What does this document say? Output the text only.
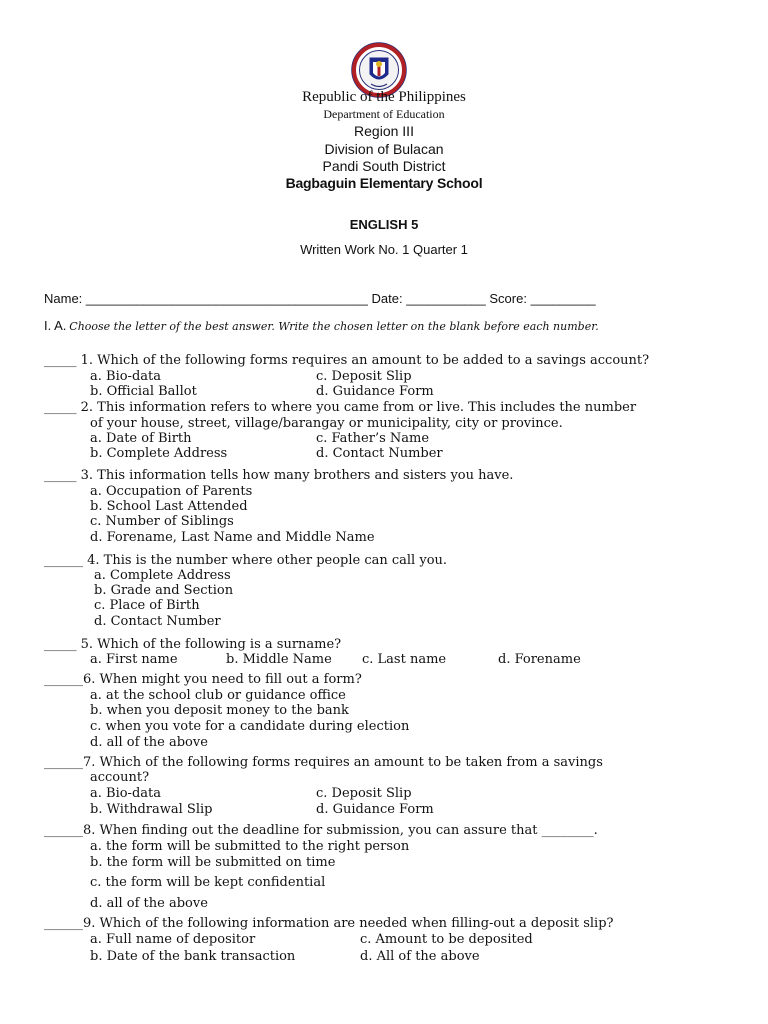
Republic of the Philippines
Department of Education
Region III
Division of Bulacan
Pandi South District
Bagbaguin Elementary School
ENGLISH 5
Written Work No. 1 Quarter 1
Name: _______________________________________ Date: ___________ Score: _________
I. A. Choose the letter of the best answer. Write the chosen letter on the blank before each number.
_____ 1. Which of the following forms requires an amount to be added to a savings account?
a. Bio-data	c. Deposit Slip
b. Official Ballot	d. Guidance Form
_____ 2. This information refers to where you came from or live. This includes the number
of your house, street, village/barangay or municipality, city or province.
a. Date of Birth	c. Father’s Name
b. Complete Address	d. Contact Number
_____ 3. This information tells how many brothers and sisters you have.
a. Occupation of Parents
b. School Last Attended
c. Number of Siblings
d. Forename, Last Name and Middle Name
______ 4. This is the number where other people can call you.
a. Complete Address
b. Grade and Section
c. Place of Birth
d. Contact Number
_____ 5. Which of the following is a surname?
a. First name	b. Middle Name c. Last name	d. Forename
______6. When might you need to fill out a form?
a. at the school club or guidance office
b. when you deposit money to the bank
c. when you vote for a candidate during election
d. all of the above
______7. Which of the following forms requires an amount to be taken from a savings
account?
a. Bio-data	c. Deposit Slip
b. Withdrawal Slip	d. Guidance Form
______8. When finding out the deadline for submission, you can assure that ________.
a. the form will be submitted to the right person
b. the form will be submitted on time
c. the form will be kept confidential
d. all of the above
______9. Which of the following information are needed when filling-out a deposit slip?
a. Full name of depositor	c. Amount to be deposited
b. Date of the bank transaction	d. All of the above
